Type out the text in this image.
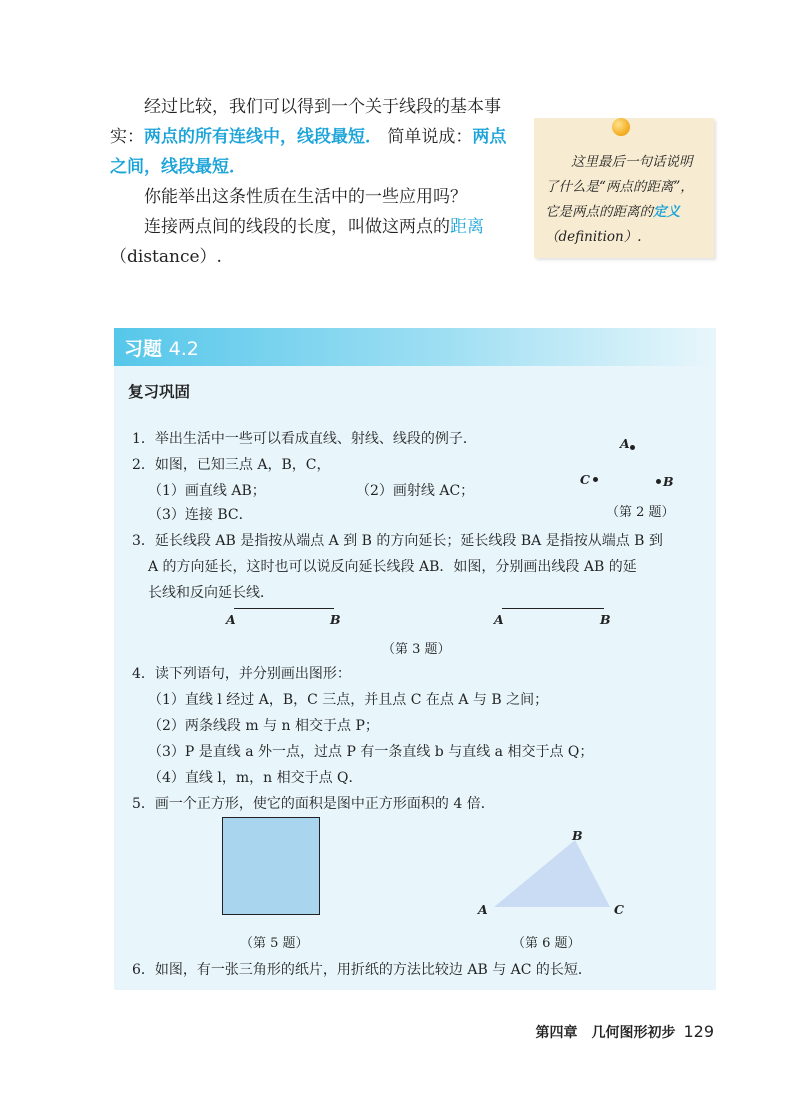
经过比较，我们可以得到一个关于线段的基本事实：两点的所有连线中，线段最短． 简单说成：两点之间，线段最短．

你能举出这条性质在生活中的一些应用吗？

连接两点间的线段的长度，叫做这两点的距离（distance）.

这里最后一句话说明了什么是“两点的距离”，它是两点的距离的定义（definition）.
习题 4.2
复习巩固
1．举出生活中一些可以看成直线、射线、线段的例子．
2．如图，已知三点 A，B，C，
（1）画直线 AB；	（2）画射线 AC；
（3）连接 BC．
A
C	B
（第 2 题）
3．延长线段 AB 是指按从端点 A 到 B 的方向延长；延长线段 BA 是指按从端点 B 到
A 的方向延长，这时也可以说反向延长线段 AB．如图，分别画出线段 AB 的延
长线和反向延长线．
A	B	A	B
（第 3 题）
4．读下列语句，并分别画出图形：
（1）直线 l 经过 A，B，C 三点，并且点 C 在点 A 与 B 之间；
（2）两条线段 m 与 n 相交于点 P；
（3）P 是直线 a 外一点，过点 P 有一条直线 b 与直线 a 相交于点 Q；
（4）直线 l，m，n 相交于点 Q．
5．画一个正方形，使它的面积是图中正方形面积的 4 倍．
（第 5 题）
B
A	C
（第 6 题）
6．如图，有一张三角形的纸片，用折纸的方法比较边 AB 与 AC 的长短．
第四章　几何图形初步 129
